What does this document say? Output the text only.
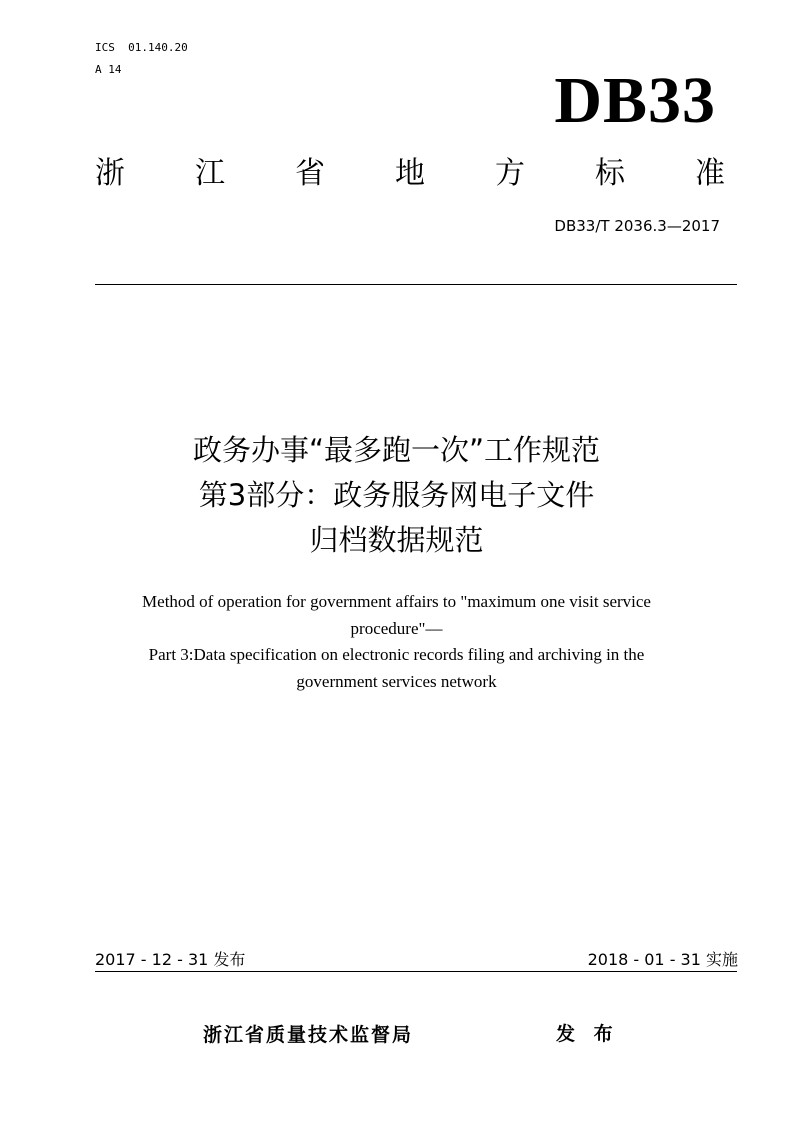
ICS  01.140.20
A 14	DB33
浙 江 省 地 方 标 准
DB33/T 2036.3—2017
政务办事“最多跑一次”工作规范
第3部分：政务服务网电子文件
归档数据规范
Method of operation for government affairs to "maximum one visit service
procedure"—
Part 3:Data specification on electronic records filing and archiving in the
government services network
2017 - 12 - 31 发布	2018 - 01 - 31 实施
浙江省质量技术监督局	发 布
